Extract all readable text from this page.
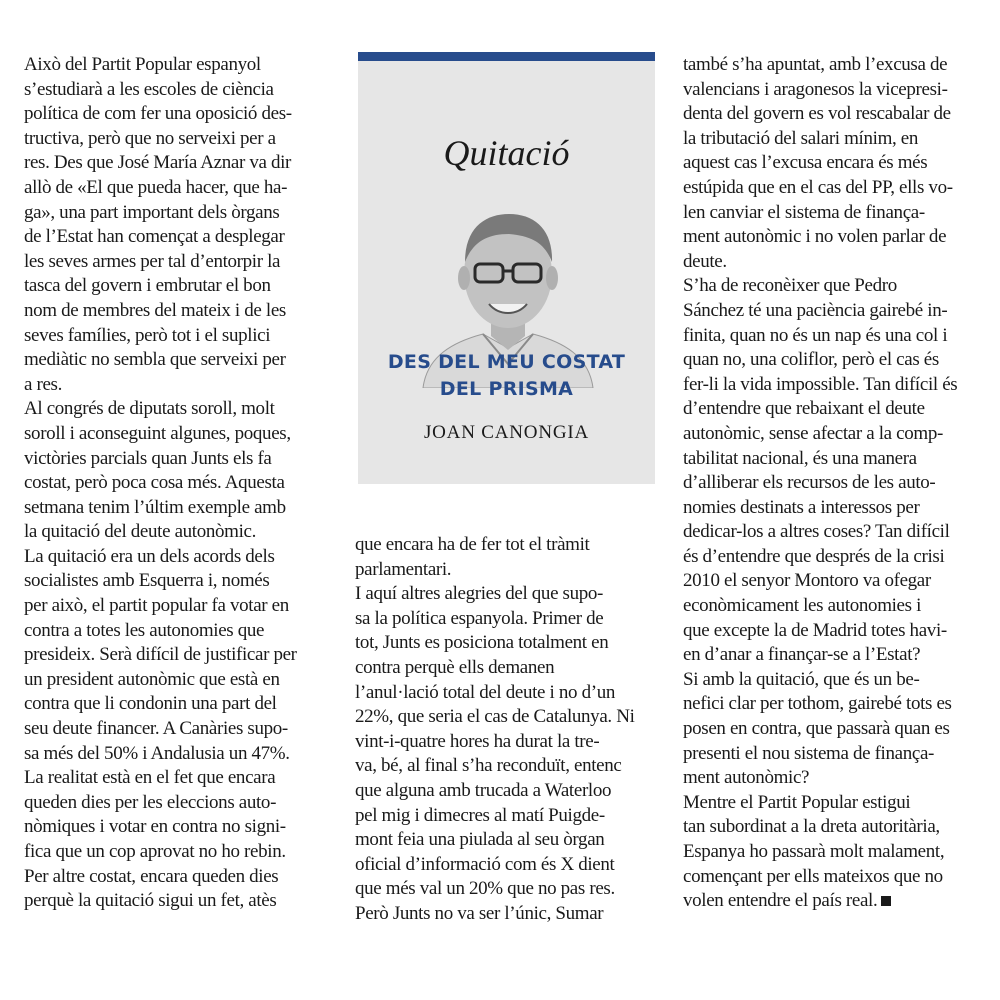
Això del Partit Popular espanyol
s’estudiarà a les escoles de ciència
política de com fer una oposició des-
tructiva, però que no serveixi per a
res. Des que José María Aznar va dir
allò de «El que pueda hacer, que ha-
ga», una part important dels òrgans
de l’Estat han començat a desplegar
les seves armes per tal d’entorpir la
tasca del govern i embrutar el bon
nom de membres del mateix i de les
seves famílies, però tot i el suplici
mediàtic no sembla que serveixi per
a res.
Al congrés de diputats soroll, molt
soroll i aconseguint algunes, poques,
victòries parcials quan Junts els fa
costat, però poca cosa més. Aquesta
setmana tenim l’últim exemple amb
la quitació del deute autonòmic.
La quitació era un dels acords dels
socialistes amb Esquerra i, només
per això, el partit popular fa votar en
contra a totes les autonomies que
presideix. Serà difícil de justificar per
un president autonòmic que està en
contra que li condonin una part del
seu deute financer. A Canàries supo-
sa més del 50% i Andalusia un 47%.
La realitat està en el fet que encara
queden dies per les eleccions auto-
nòmiques i votar en contra no signi-
fica que un cop aprovat no ho rebin.
Per altre costat, encara queden dies
perquè la quitació sigui un fet, atès
Quitació
DES DEL MEU COSTAT
DEL PRISMA
JOAN CANONGIA
que encara ha de fer tot el tràmit
parlamentari.
I aquí altres alegries del que supo-
sa la política espanyola. Primer de
tot, Junts es posiciona totalment en
contra perquè ells demanen
l’anul·lació total del deute i no d’un
22%, que seria el cas de Catalunya. Ni
vint-i-quatre hores ha durat la tre-
va, bé, al final s’ha reconduït, entenc
que alguna amb trucada a Waterloo
pel mig i dimecres al matí Puigde-
mont feia una piulada al seu òrgan
oficial d’informació com és X dient
que més val un 20% que no pas res.
Però Junts no va ser l’únic, Sumar
també s’ha apuntat, amb l’excusa de
valencians i aragonesos la vicepresi-
denta del govern es vol rescabalar de
la tributació del salari mínim, en
aquest cas l’excusa encara és més
estúpida que en el cas del PP, ells vo-
len canviar el sistema de finança-
ment autonòmic i no volen parlar de
deute.
S’ha de reconèixer que Pedro
Sánchez té una paciència gairebé in-
finita, quan no és un nap és una col i
quan no, una coliflor, però el cas és
fer-li la vida impossible. Tan difícil és
d’entendre que rebaixant el deute
autonòmic, sense afectar a la comp-
tabilitat nacional, és una manera
d’alliberar els recursos de les auto-
nomies destinats a interessos per
dedicar-los a altres coses? Tan difícil
és d’entendre que després de la crisi
2010 el senyor Montoro va ofegar
econòmicament les autonomies i
que excepte la de Madrid totes havi-
en d’anar a finançar-se a l’Estat?
Si amb la quitació, que és un be-
nefici clar per tothom, gairebé tots es
posen en contra, que passarà quan es
presenti el nou sistema de finança-
ment autonòmic?
Mentre el Partit Popular estigui
tan subordinat a la dreta autoritària,
Espanya ho passarà molt malament,
començant per ells mateixos que no
volen entendre el país real.
